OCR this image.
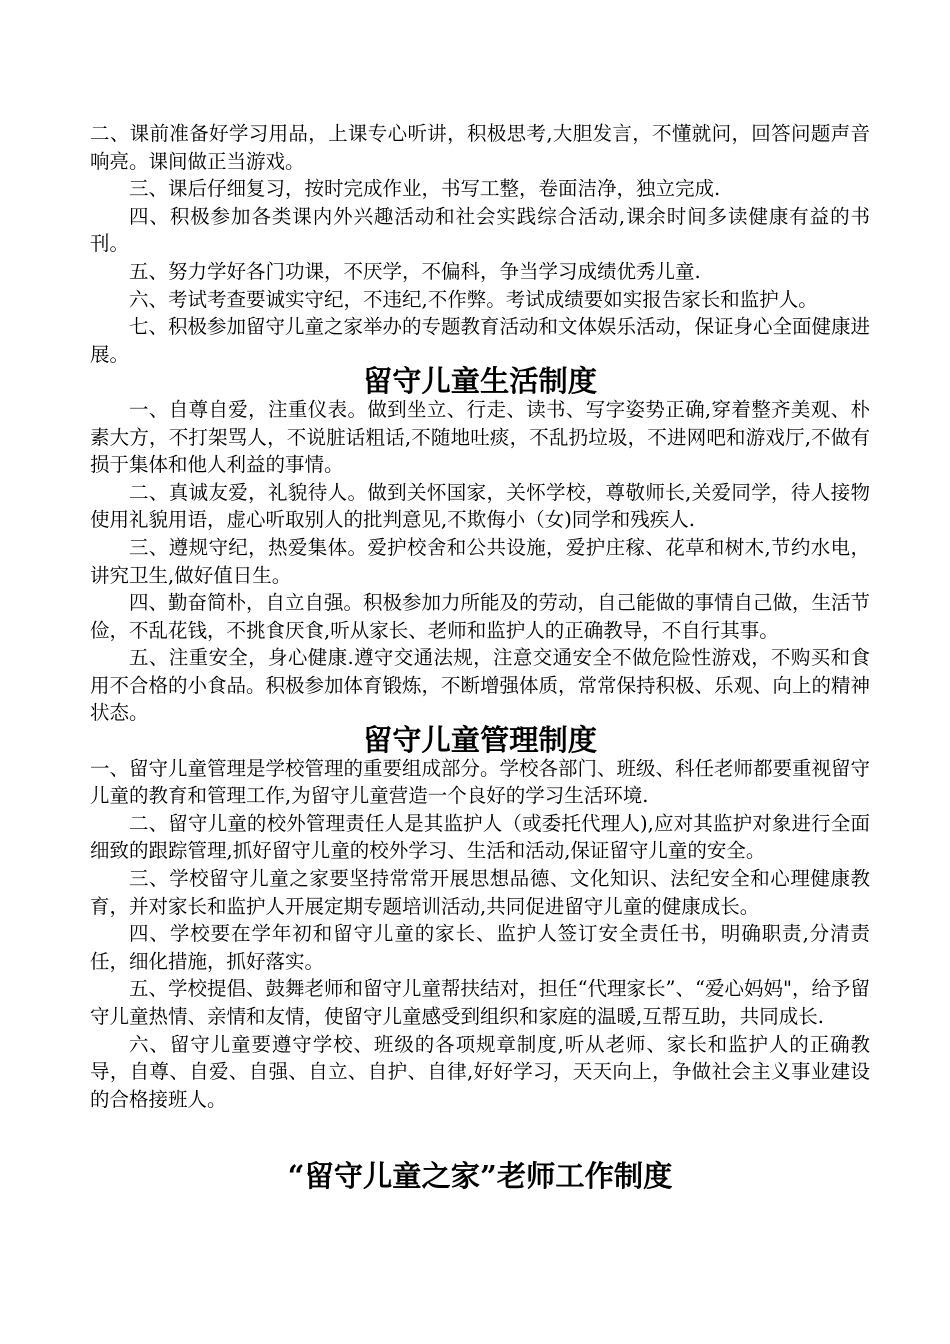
二、课前准备好学习用品，上课专心听讲，积极思考,大胆发言，不懂就问，回答问题声音响亮。课间做正当游戏。

三、课后仔细复习，按时完成作业，书写工整，卷面洁净，独立完成.

四、积极参加各类课内外兴趣活动和社会实践综合活动,课余时间多读健康有益的书刊。

五、努力学好各门功课，不厌学，不偏科，争当学习成绩优秀儿童.

六、考试考查要诚实守纪，不违纪,不作弊。考试成绩要如实报告家长和监护人。

七、积极参加留守儿童之家举办的专题教育活动和文体娱乐活动，保证身心全面健康进展。

留守儿童生活制度

一、自尊自爱，注重仪表。做到坐立、行走、读书、写字姿势正确,穿着整齐美观、朴素大方，不打架骂人，不说脏话粗话,不随地吐痰，不乱扔垃圾，不进网吧和游戏厅,不做有损于集体和他人利益的事情。

二、真诚友爱，礼貌待人。做到关怀国家，关怀学校，尊敬师长,关爱同学，待人接物使用礼貌用语，虚心听取别人的批判意见,不欺侮小（女)同学和残疾人.

三、遵规守纪，热爱集体。爱护校舍和公共设施，爱护庄稼、花草和树木,节约水电，讲究卫生,做好值日生。

四、勤奋简朴，自立自强。积极参加力所能及的劳动，自己能做的事情自己做，生活节俭，不乱花钱，不挑食厌食,听从家长、老师和监护人的正确教导，不自行其事。

五、注重安全，身心健康.遵守交通法规，注意交通安全不做危险性游戏，不购买和食用不合格的小食品。积极参加体育锻炼，不断增强体质，常常保持积极、乐观、向上的精神状态。

留守儿童管理制度

一、留守儿童管理是学校管理的重要组成部分。学校各部门、班级、科任老师都要重视留守儿童的教育和管理工作,为留守儿童营造一个良好的学习生活环境.

二、留守儿童的校外管理责任人是其监护人（或委托代理人),应对其监护对象进行全面细致的跟踪管理,抓好留守儿童的校外学习、生活和活动,保证留守儿童的安全。

三、学校留守儿童之家要坚持常常开展思想品德、文化知识、法纪安全和心理健康教育，并对家长和监护人开展定期专题培训活动,共同促进留守儿童的健康成长。

四、学校要在学年初和留守儿童的家长、监护人签订安全责任书，明确职责,分清责任，细化措施，抓好落实。

五、学校提倡、鼓舞老师和留守儿童帮扶结对，担任“代理家长”、“爱心妈妈"，给予留守儿童热情、亲情和友情，使留守儿童感受到组织和家庭的温暖,互帮互助，共同成长.

六、留守儿童要遵守学校、班级的各项规章制度,听从老师、家长和监护人的正确教导，自尊、自爱、自强、自立、自护、自律,好好学习，天天向上，争做社会主义事业建设的合格接班人。

“留守儿童之家”老师工作制度
